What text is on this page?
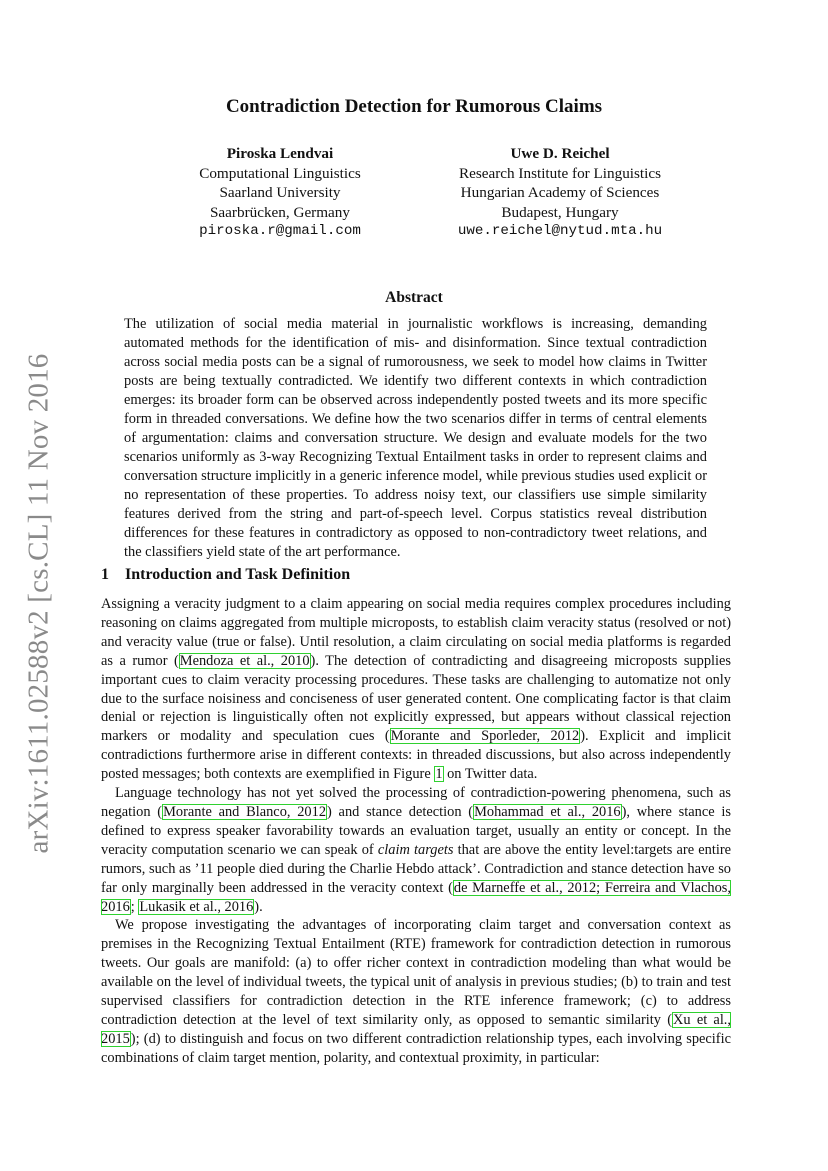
arXiv:1611.02588v2 [cs.CL] 11 Nov 2016
Contradiction Detection for Rumorous Claims
Piroska Lendvai
Computational Linguistics
Saarland University
Saarbrücken, Germany
piroska.r@gmail.com
Uwe D. Reichel
Research Institute for Linguistics
Hungarian Academy of Sciences
Budapest, Hungary
uwe.reichel@nytud.mta.hu
Abstract
The utilization of social media material in journalistic workflows is increasing, demanding automated methods for the identification of mis- and disinformation. Since textual contradiction across social media posts can be a signal of rumorousness, we seek to model how claims in Twitter posts are being textually contradicted. We identify two different contexts in which contradiction emerges: its broader form can be observed across independently posted tweets and its more specific form in threaded conversations. We define how the two scenarios differ in terms of central elements of argumentation: claims and conversation structure. We design and evaluate models for the two scenarios uniformly as 3-way Recognizing Textual Entailment tasks in order to represent claims and conversation structure implicitly in a generic inference model, while previous studies used explicit or no representation of these properties. To address noisy text, our classifiers use simple similarity features derived from the string and part-of-speech level. Corpus statistics reveal distribution differences for these features in contradictory as opposed to non-contradictory tweet relations, and the classifiers yield state of the art performance.
1 Introduction and Task Definition

Assigning a veracity judgment to a claim appearing on social media requires complex procedures including reasoning on claims aggregated from multiple microposts, to establish claim veracity status (resolved or not) and veracity value (true or false). Until resolution, a claim circulating on social media platforms is regarded as a rumor (Mendoza et al., 2010). The detection of contradicting and disagreeing microposts supplies important cues to claim veracity processing procedures. These tasks are challenging to automatize not only due to the surface noisiness and conciseness of user generated content. One complicating factor is that claim denial or rejection is linguistically often not explicitly expressed, but appears without classical rejection markers or modality and speculation cues (Morante and Sporleder, 2012). Explicit and implicit contradictions furthermore arise in different contexts: in threaded discussions, but also across independently posted messages; both contexts are exemplified in Figure 1 on Twitter data.

Language technology has not yet solved the processing of contradiction-powering phenomena, such as negation (Morante and Blanco, 2012) and stance detection (Mohammad et al., 2016), where stance is defined to express speaker favorability towards an evaluation target, usually an entity or concept. In the veracity computation scenario we can speak of claim targets that are above the entity level:targets are entire rumors, such as ’11 people died during the Charlie Hebdo attack’. Contradiction and stance detection have so far only marginally been addressed in the veracity context (de Marneffe et al., 2012; Ferreira and Vlachos, 2016; Lukasik et al., 2016).

We propose investigating the advantages of incorporating claim target and conversation context as premises in the Recognizing Textual Entailment (RTE) framework for contradiction detection in rumorous tweets. Our goals are manifold: (a) to offer richer context in contradiction modeling than what would be available on the level of individual tweets, the typical unit of analysis in previous studies; (b) to train and test supervised classifiers for contradiction detection in the RTE inference framework; (c) to address contradiction detection at the level of text similarity only, as opposed to semantic similarity (Xu et al., 2015); (d) to distinguish and focus on two different contradiction relationship types, each involving specific combinations of claim target mention, polarity, and contextual proximity, in particular:
